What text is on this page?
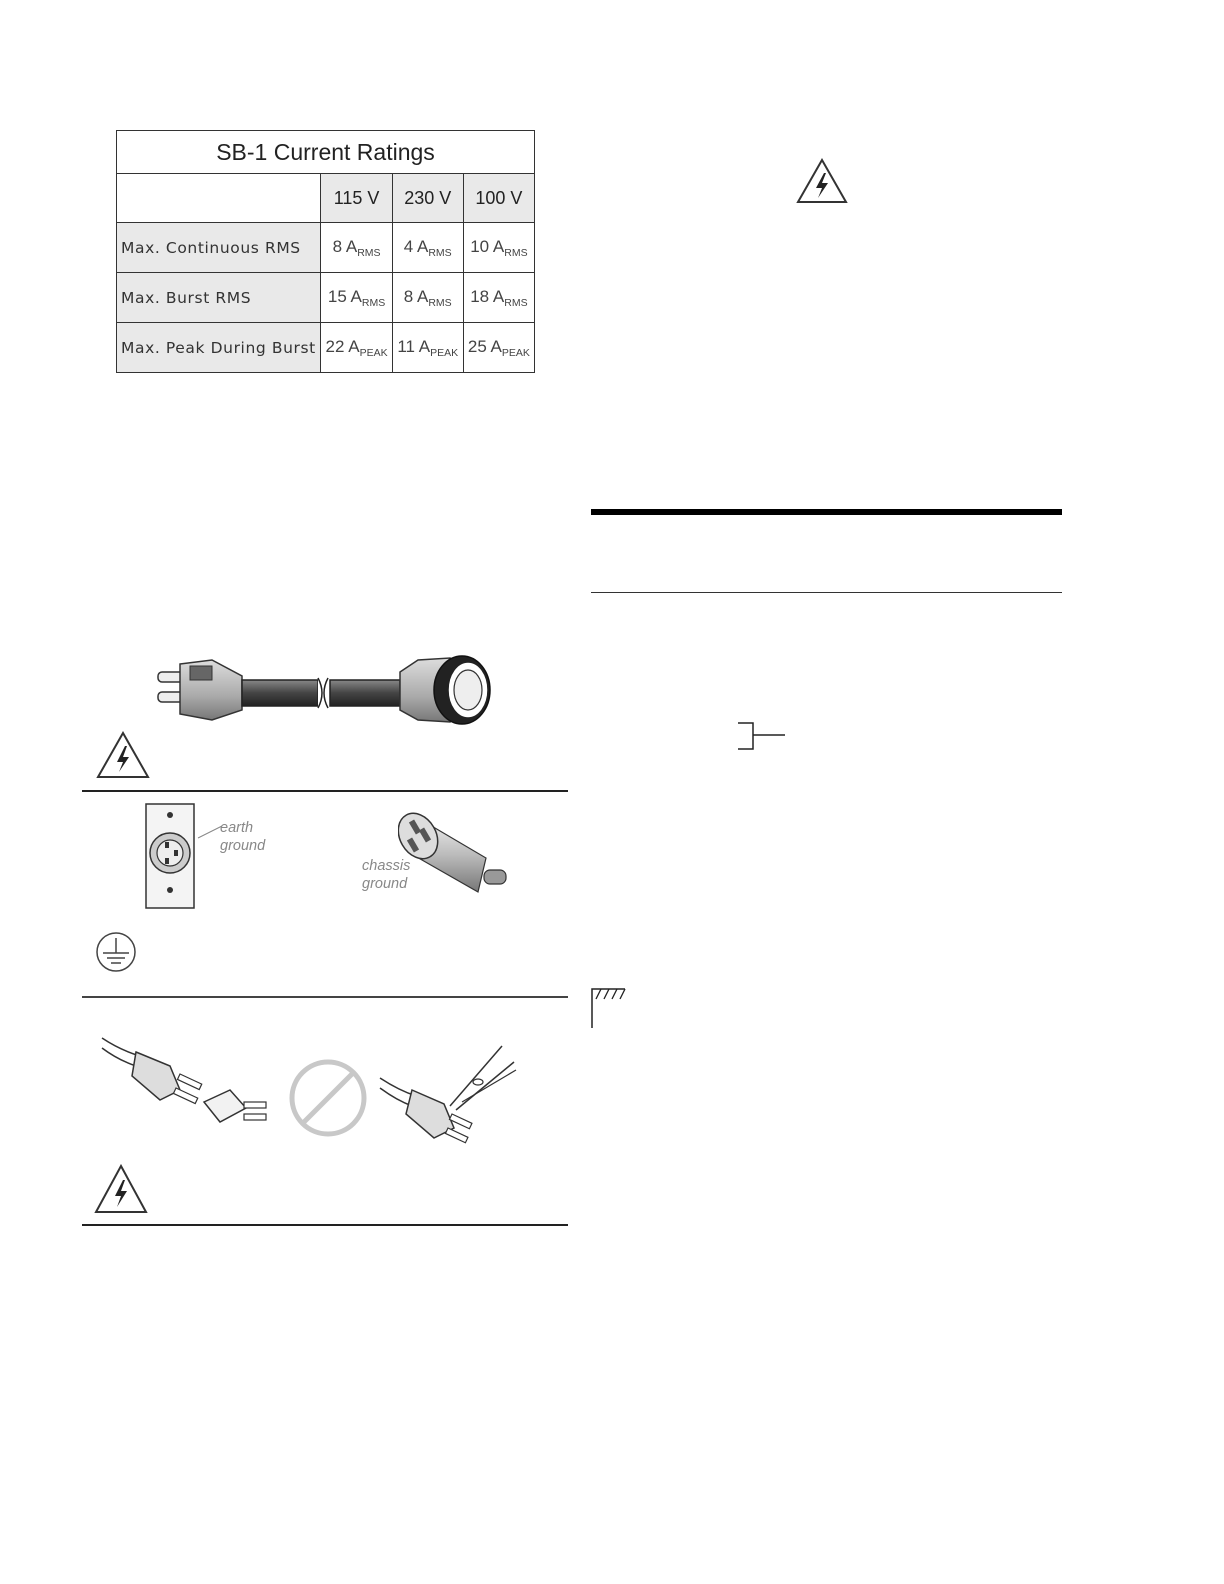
SB-1 Current Ratings			
	115 V	230 V	100 V
Max. Continuous RMS	8 $A_{RMS}$	4 $A_{RMS}$	10 $A_{RMS}$
Max. Burst RMS	15 $A_{RMS}$	8 $A_{RMS}$	18 $A_{RMS}$
Max. Peak During Burst	22 $A_{PEAK}$	11 $A_{PEAK}$	25 $A_{PEAK}$
earth
ground
chassis
ground
